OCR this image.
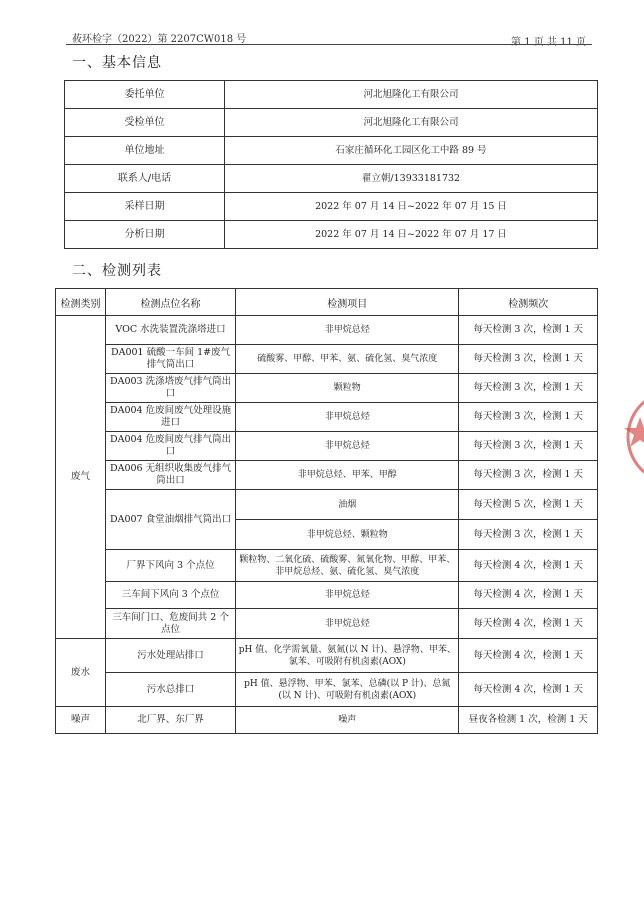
莜环检字（2022）第 2207CW018 号	第 1 页 共 11 页
一、基本信息
委托单位	河北旭隆化工有限公司
受检单位	河北旭隆化工有限公司
单位地址	石家庄循环化工园区化工中路 89 号
联系人/电话	翟立朝/13933181732
采样日期	2022 年 07 月 14 日~2022 年 07 月 15 日
分析日期	2022 年 07 月 14 日~2022 年 07 月 17 日
二、检测列表
检测类别	检测点位名称	检测项目	检测频次
废气	VOC 水洗装置洗涤塔进口	非甲烷总烃	每天检测 3 次，检测 1 天
	DA001 硫酸一车间 1#废气排气筒出口	硫酸雾、甲醇、甲苯、氨、硫化氢、臭气浓度	每天检测 3 次，检测 1 天
	DA003 洗涤塔废气排气筒出口	颗粒物	每天检测 3 次，检测 1 天
	DA004 危废间废气处理设施进口	非甲烷总烃	每天检测 3 次，检测 1 天
	DA004 危废间废气排气筒出口	非甲烷总烃	每天检测 3 次，检测 1 天
	DA006 无组织收集废气排气筒出口	非甲烷总烃、甲苯、甲醇	每天检测 3 次，检测 1 天
	DA007 食堂油烟排气筒出口	油烟	每天检测 5 次，检测 1 天
		非甲烷总烃、颗粒物	每天检测 3 次，检测 1 天
	厂界下风向 3 个点位	颗粒物、二氧化硫、硫酸雾、氮氧化物、甲醇、甲苯、非甲烷总烃、氨、硫化氢、臭气浓度	每天检测 4 次，检测 1 天
	三车间下风向 3 个点位	非甲烷总烃	每天检测 4 次，检测 1 天
	三车间门口、危废间共 2 个点位	非甲烷总烃	每天检测 4 次，检测 1 天
废水	污水处理站排口	pH 值、化学需氧量、氨氮(以 N 计)、悬浮物、甲苯、氯苯、可吸附有机卤素(AOX)	每天检测 4 次，检测 1 天
	污水总排口	pH 值、悬浮物、甲苯、氯苯、总磷(以 P 计)、总氮(以 N 计)、可吸附有机卤素(AOX)	每天检测 4 次，检测 1 天
噪声	北厂界、东厂界	噪声	昼夜各检测 1 次，检测 1 天
